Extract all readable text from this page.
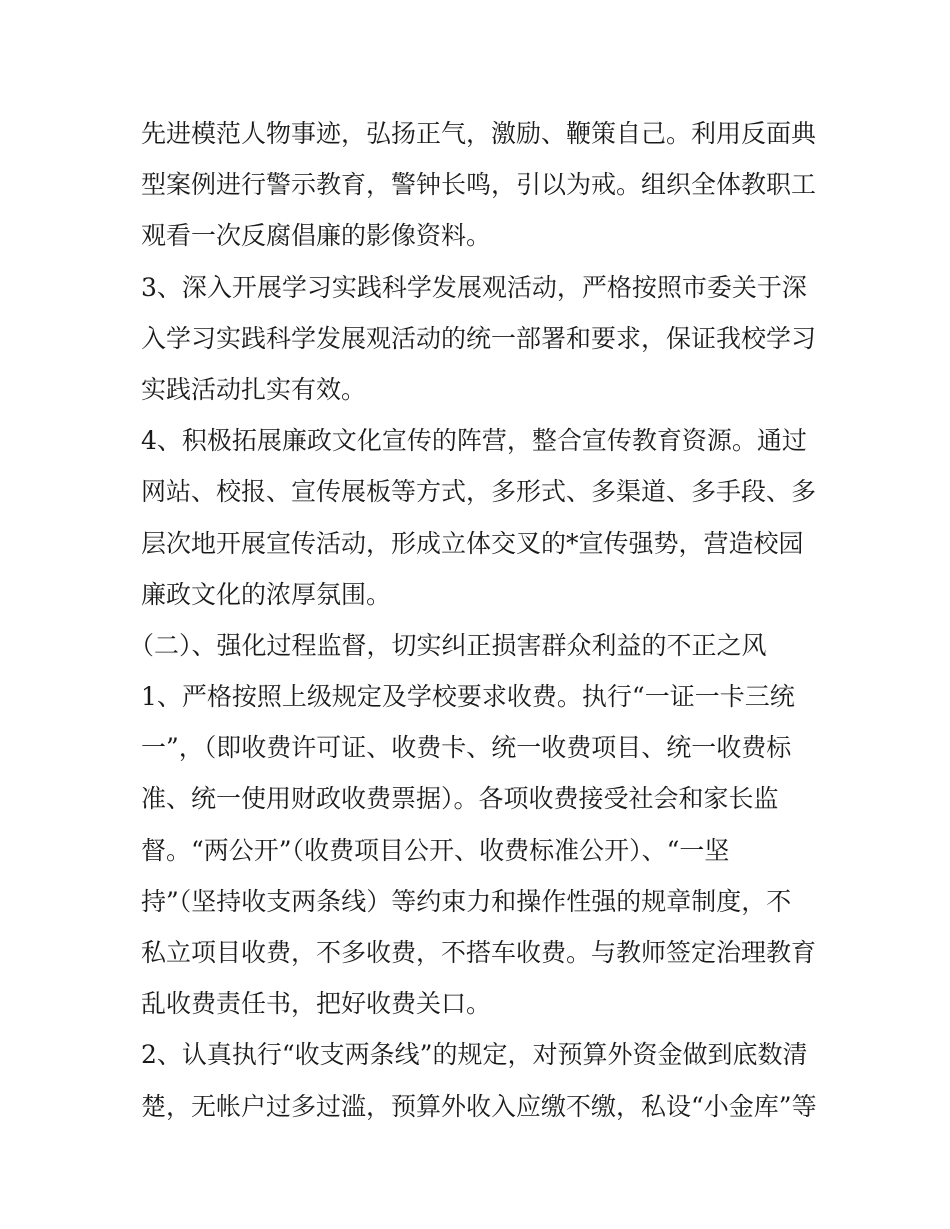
先进模范人物事迹，弘扬正气，激励、鞭策自己。利用反面典
型案例进行警示教育，警钟长鸣，引以为戒。组织全体教职工
观看一次反腐倡廉的影像资料。
3、深入开展学习实践科学发展观活动，严格按照市委关于深
入学习实践科学发展观活动的统一部署和要求，保证我校学习
实践活动扎实有效。
4、积极拓展廉政文化宣传的阵营，整合宣传教育资源。通过
网站、校报、宣传展板等方式，多形式、多渠道、多手段、多
层次地开展宣传活动，形成立体交叉的*宣传强势，营造校园
廉政文化的浓厚氛围。
（二）、强化过程监督，切实纠正损害群众利益的不正之风
1、严格按照上级规定及学校要求收费。执行“一证一卡三统
一”，（即收费许可证、收费卡、统一收费项目、统一收费标
准、统一使用财政收费票据）。各项收费接受社会和家长监
督。“两公开”（收费项目公开、收费标准公开）、“一坚
持”（坚持收支两条线）等约束力和操作性强的规章制度，不
私立项目收费，不多收费，不搭车收费。与教师签定治理教育
乱收费责任书，把好收费关口。
2、认真执行“收支两条线”的规定，对预算外资金做到底数清
楚，无帐户过多过滥，预算外收入应缴不缴，私设“小金库”等
